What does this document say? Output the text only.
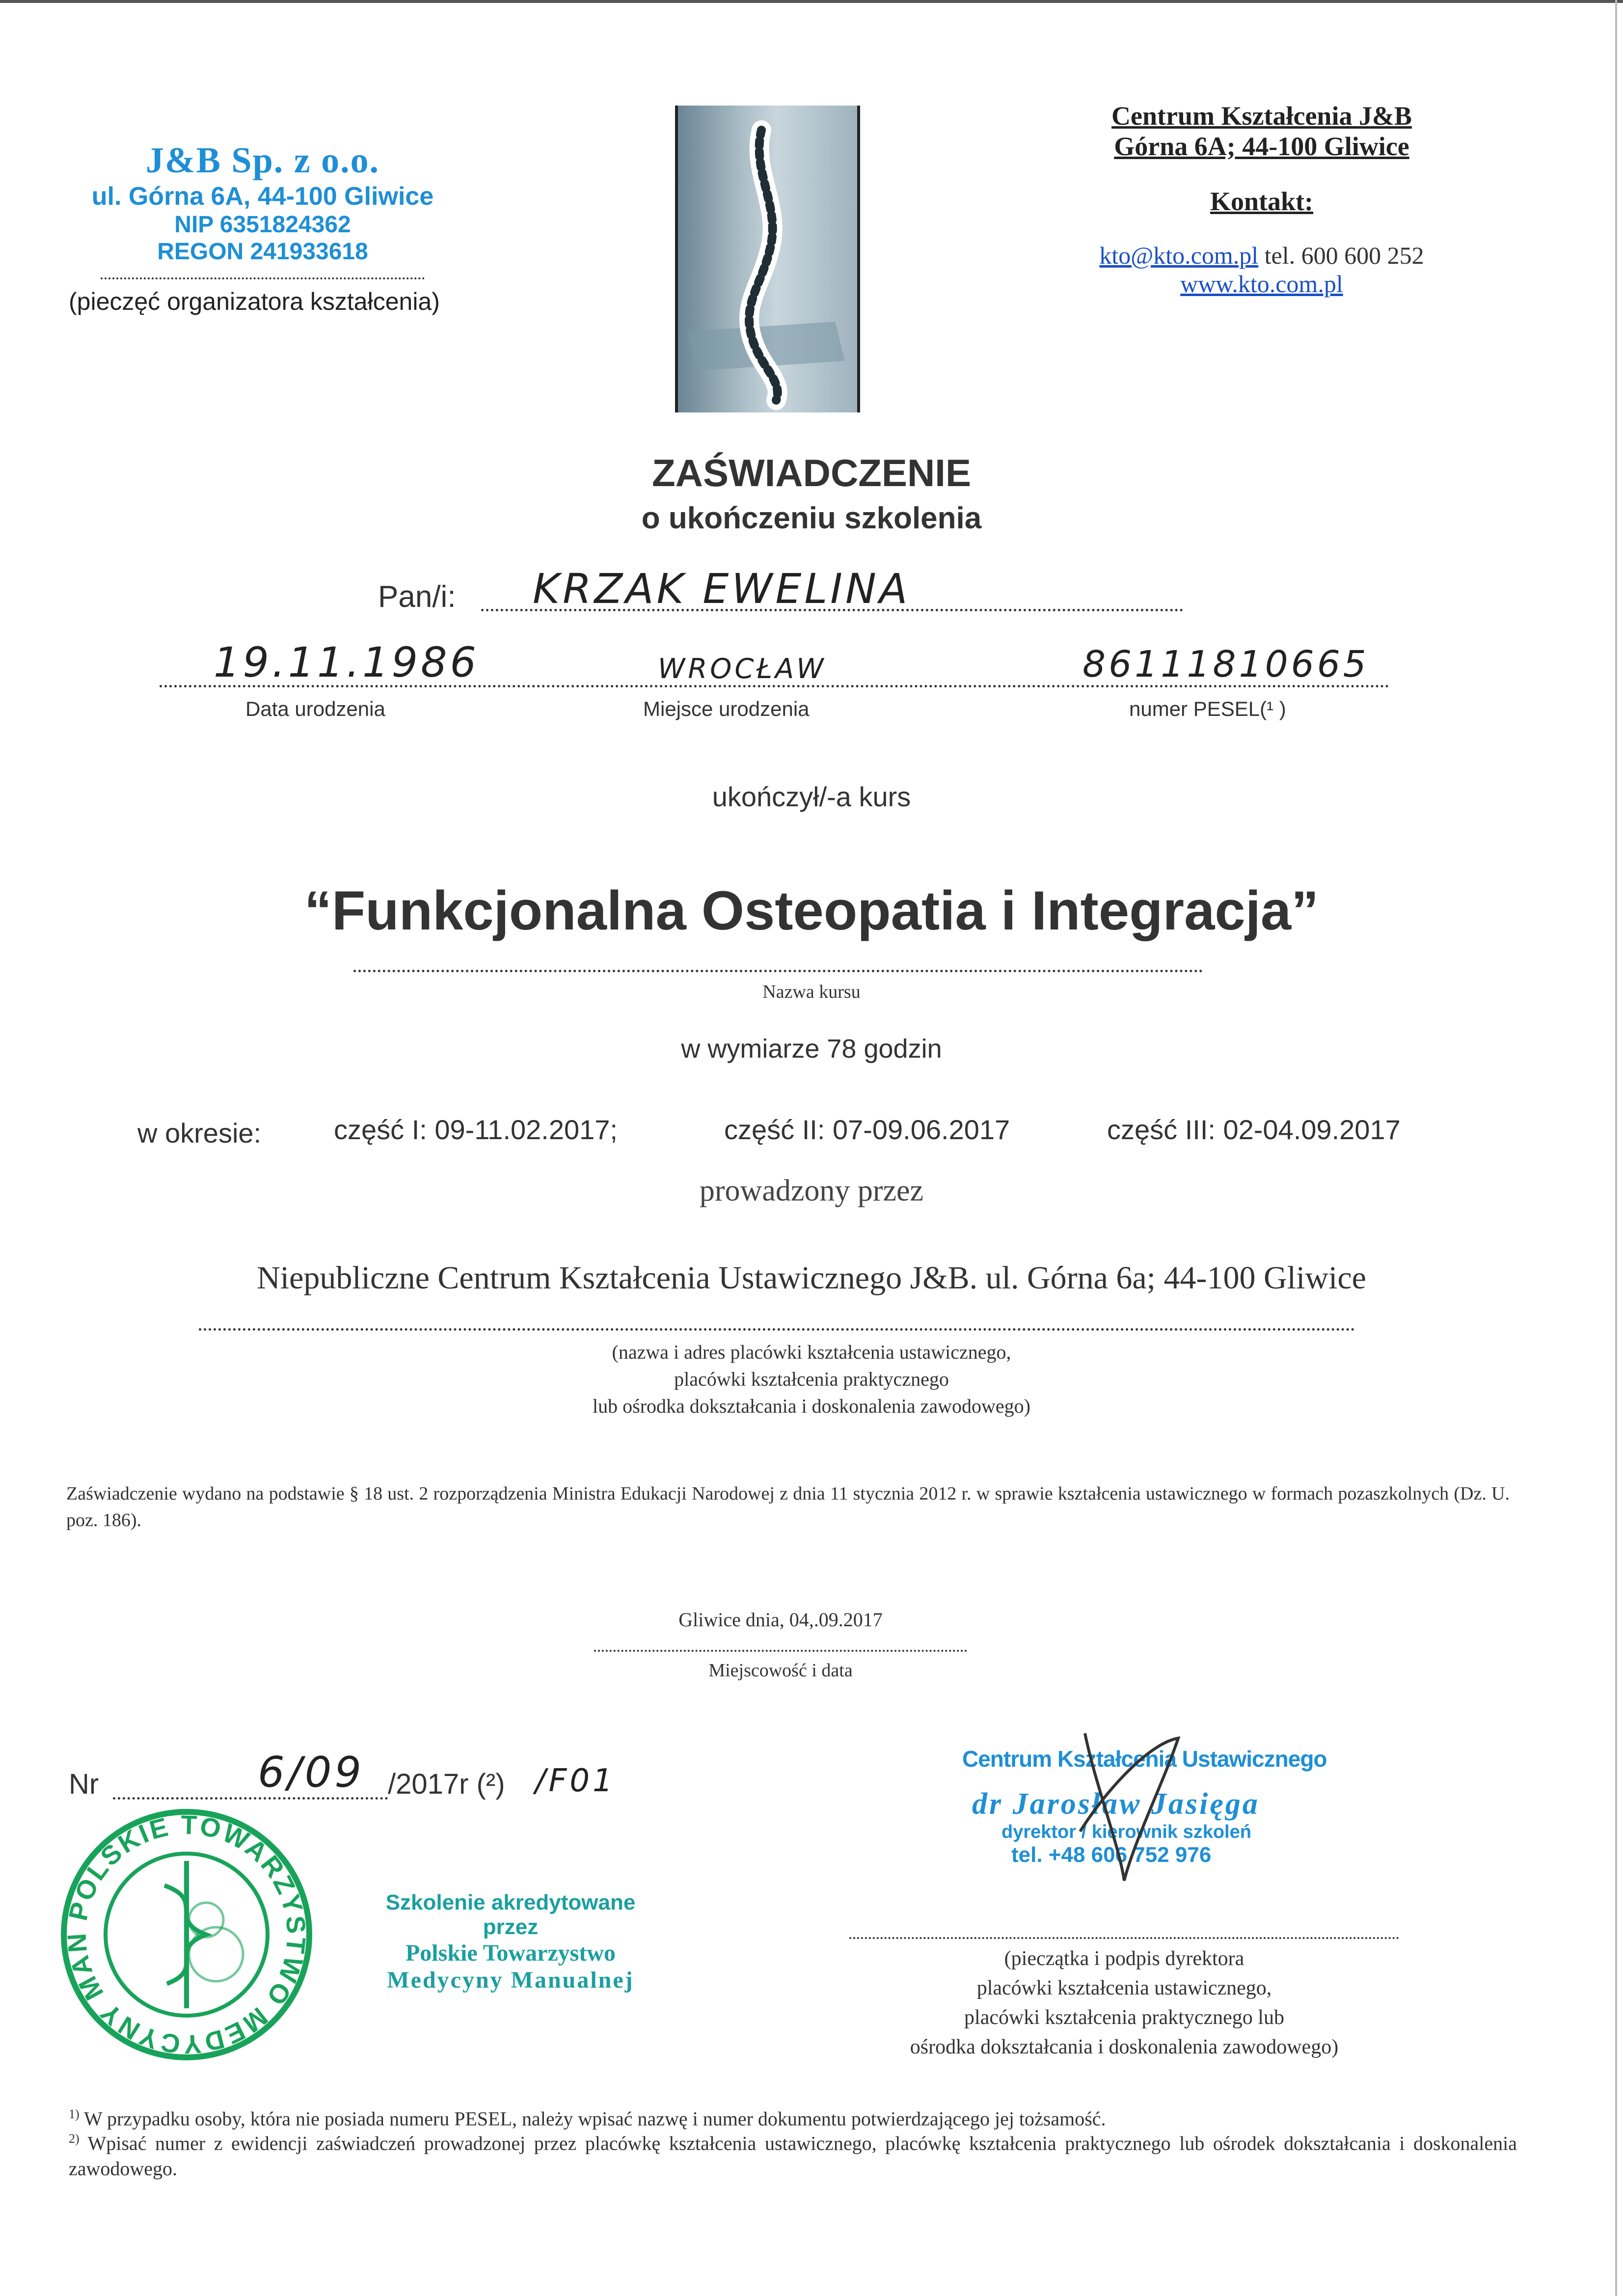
J&B Sp. z o.o.
ul. Górna 6A, 44-100 Gliwice
NIP 6351824362
REGON 241933618
(pieczęć organizatora kształcenia)
Centrum Kształcenia J&B
Górna 6A; 44-100 Gliwice
Kontakt:
kto@kto.com.pl tel. 600 600 252
www.kto.com.pl
ZAŚWIADCZENIE
o ukończeniu szkolenia
Pan/i: KRZAK EWELINA
19.11.1986	WROCŁAW	86111810665
Data urodzenia	Miejsce urodzenia	numer PESEL(¹ )
ukończył/-a kurs
“Funkcjonalna Osteopatia i Integracja”
Nazwa kursu
w wymiarze 78 godzin
w okresie:	część I: 09-11.02.2017;	część II: 07-09.06.2017	część III: 02-04.09.2017
prowadzony przez
Niepubliczne Centrum Kształcenia Ustawicznego J&B. ul. Górna 6a; 44-100 Gliwice
(nazwa i adres placówki kształcenia ustawicznego,
placówki kształcenia praktycznego
lub ośrodka dokształcania i doskonalenia zawodowego)
Zaświadczenie wydano na podstawie § 18 ust. 2 rozporządzenia Ministra Edukacji Narodowej z dnia 11 stycznia 2012 r. w sprawie kształcenia ustawicznego w formach pozaszkolnych (Dz. U. poz. 186).
Gliwice dnia, 04,.09.2017
Miejscowość i data
Nr	6/09 /2017r (²) /F01
POLSKIE TOWARZYSTWO MEDYCYNY MAN
Szkolenie akredytowane przez
Polskie Towarzystwo
Medycyny Manualnej
Centrum Kształcenia Ustawicznego
dr Jarosław Jasięga
dyrektor / kierownik szkoleń
tel. +48 606 752 976
(pieczątka i podpis dyrektora
placówki kształcenia ustawicznego,
placówki kształcenia praktycznego lub
ośrodka dokształcania i doskonalenia zawodowego)
$^{1)}$ W przypadku osoby, która nie posiada numeru PESEL, należy wpisać nazwę i numer dokumentu potwierdzającego jej tożsamość.
$^{2)}$ Wpisać numer z ewidencji zaświadczeń prowadzonej przez placówkę kształcenia ustawicznego, placówkę kształcenia praktycznego lub ośrodek dokształcania i doskonalenia zawodowego.
